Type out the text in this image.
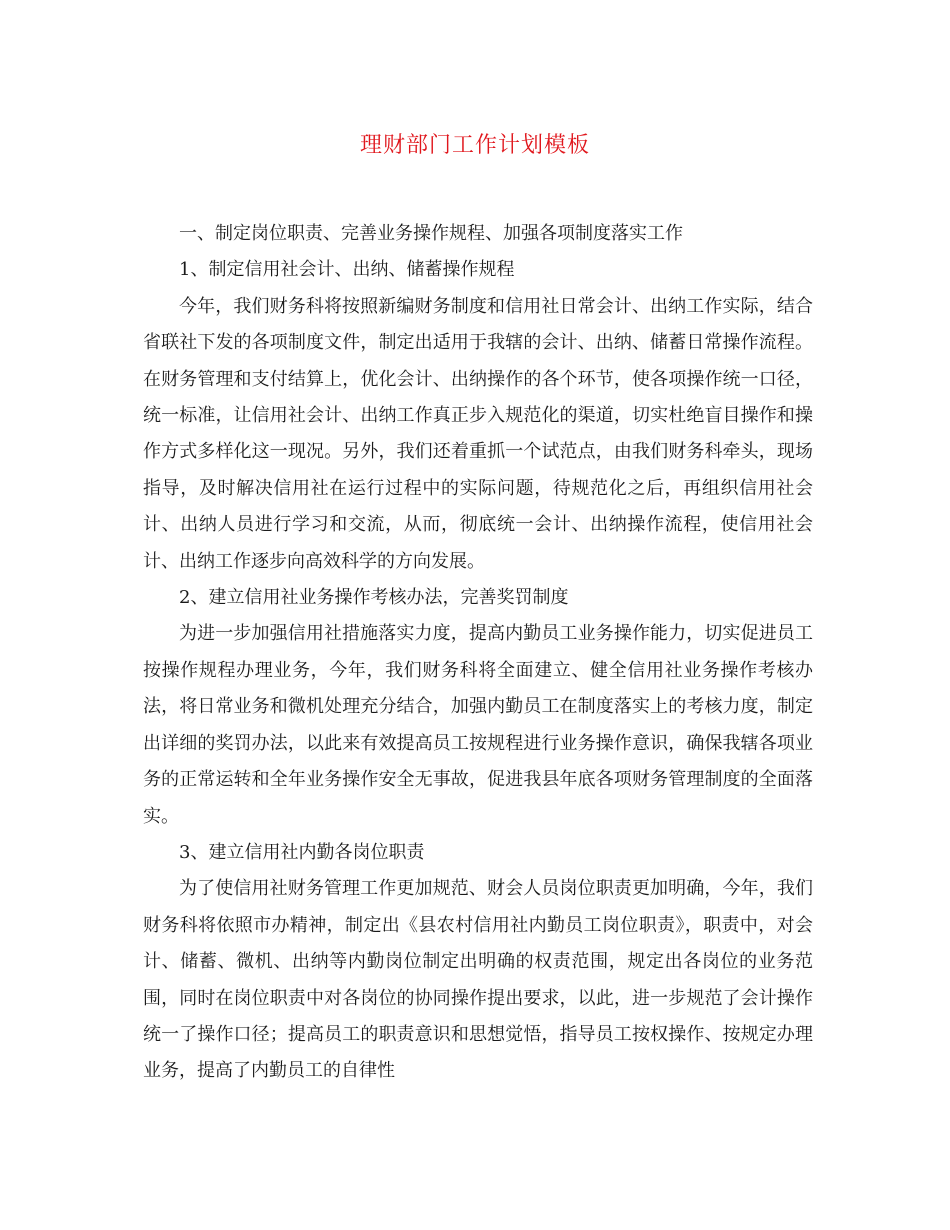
理财部门工作计划模板

一、制定岗位职责、完善业务操作规程、加强各项制度落实工作

1、制定信用社会计、出纳、储蓄操作规程

今年，我们财务科将按照新编财务制度和信用社日常会计、出纳工作实际，结合省联社下发的各项制度文件，制定出适用于我辖的会计、出纳、储蓄日常操作流程。在财务管理和支付结算上，优化会计、出纳操作的各个环节，使各项操作统一口径，统一标准，让信用社会计、出纳工作真正步入规范化的渠道，切实杜绝盲目操作和操作方式多样化这一现况。另外，我们还着重抓一个试范点，由我们财务科牵头，现场指导，及时解决信用社在运行过程中的实际问题，待规范化之后，再组织信用社会计、出纳人员进行学习和交流，从而，彻底统一会计、出纳操作流程，使信用社会计、出纳工作逐步向高效科学的方向发展。

2、建立信用社业务操作考核办法，完善奖罚制度

为进一步加强信用社措施落实力度，提高内勤员工业务操作能力，切实促进员工按操作规程办理业务，今年，我们财务科将全面建立、健全信用社业务操作考核办法，将日常业务和微机处理充分结合，加强内勤员工在制度落实上的考核力度，制定出详细的奖罚办法，以此来有效提高员工按规程进行业务操作意识，确保我辖各项业务的正常运转和全年业务操作安全无事故，促进我县年底各项财务管理制度的全面落实。

3、建立信用社内勤各岗位职责

为了使信用社财务管理工作更加规范、财会人员岗位职责更加明确，今年，我们财务科将依照市办精神，制定出《县农村信用社内勤员工岗位职责》，职责中，对会计、储蓄、微机、出纳等内勤岗位制定出明确的权责范围，规定出各岗位的业务范围，同时在岗位职责中对各岗位的协同操作提出要求，以此，进一步规范了会计操作统一了操作口径；提高员工的职责意识和思想觉悟，指导员工按权操作、按规定办理业务，提高了内勤员工的自律性
